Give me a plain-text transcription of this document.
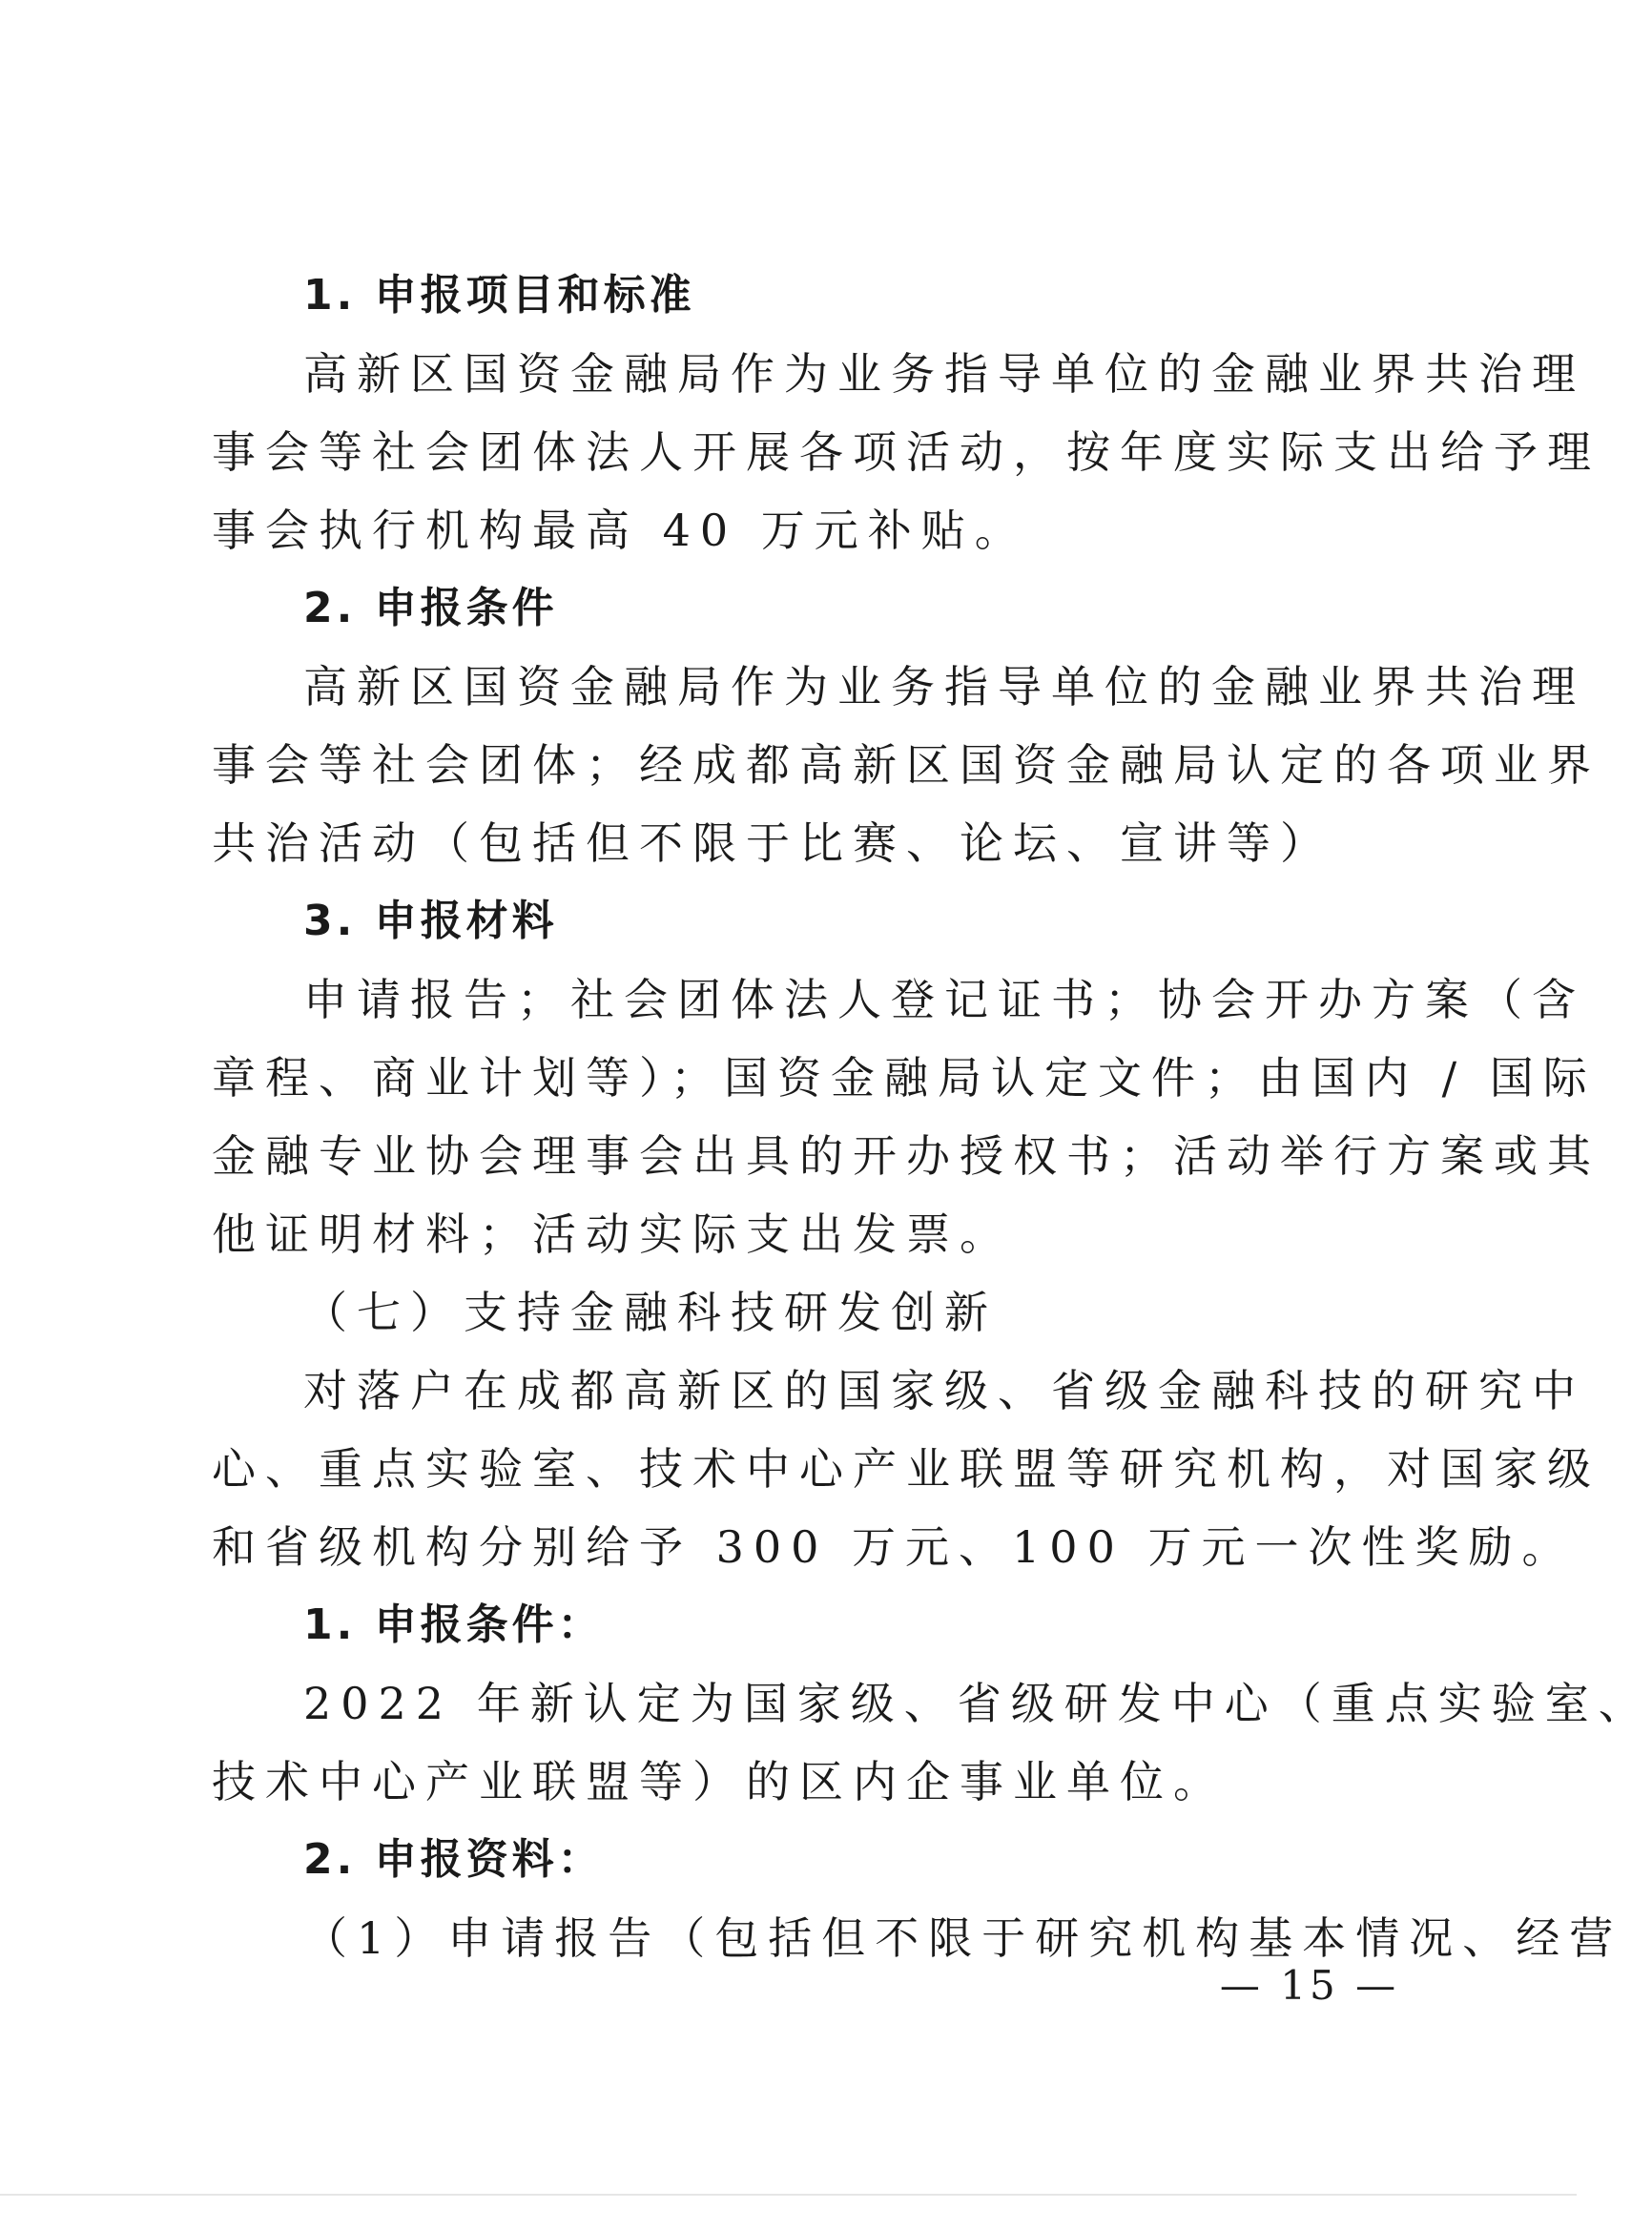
1. 申报项目和标准
高新区国资金融局作为业务指导单位的金融业界共治理
事会等社会团体法人开展各项活动，按年度实际支出给予理
事会执行机构最高 40 万元补贴。
2. 申报条件
高新区国资金融局作为业务指导单位的金融业界共治理
事会等社会团体；经成都高新区国资金融局认定的各项业界
共治活动（包括但不限于比赛、论坛、宣讲等）
3. 申报材料
申请报告；社会团体法人登记证书；协会开办方案（含
章程、商业计划等）；国资金融局认定文件；由国内 / 国际
金融专业协会理事会出具的开办授权书；活动举行方案或其
他证明材料；活动实际支出发票。
（七）支持金融科技研发创新
对落户在成都高新区的国家级、省级金融科技的研究中
心、重点实验室、技术中心产业联盟等研究机构，对国家级
和省级机构分别给予 300 万元、100 万元一次性奖励。
1. 申报条件：
2022 年新认定为国家级、省级研发中心（重点实验室、
技术中心产业联盟等）的区内企事业单位。
2. 申报资料：
（1）申请报告（包括但不限于研究机构基本情况、经营
— 15 —
